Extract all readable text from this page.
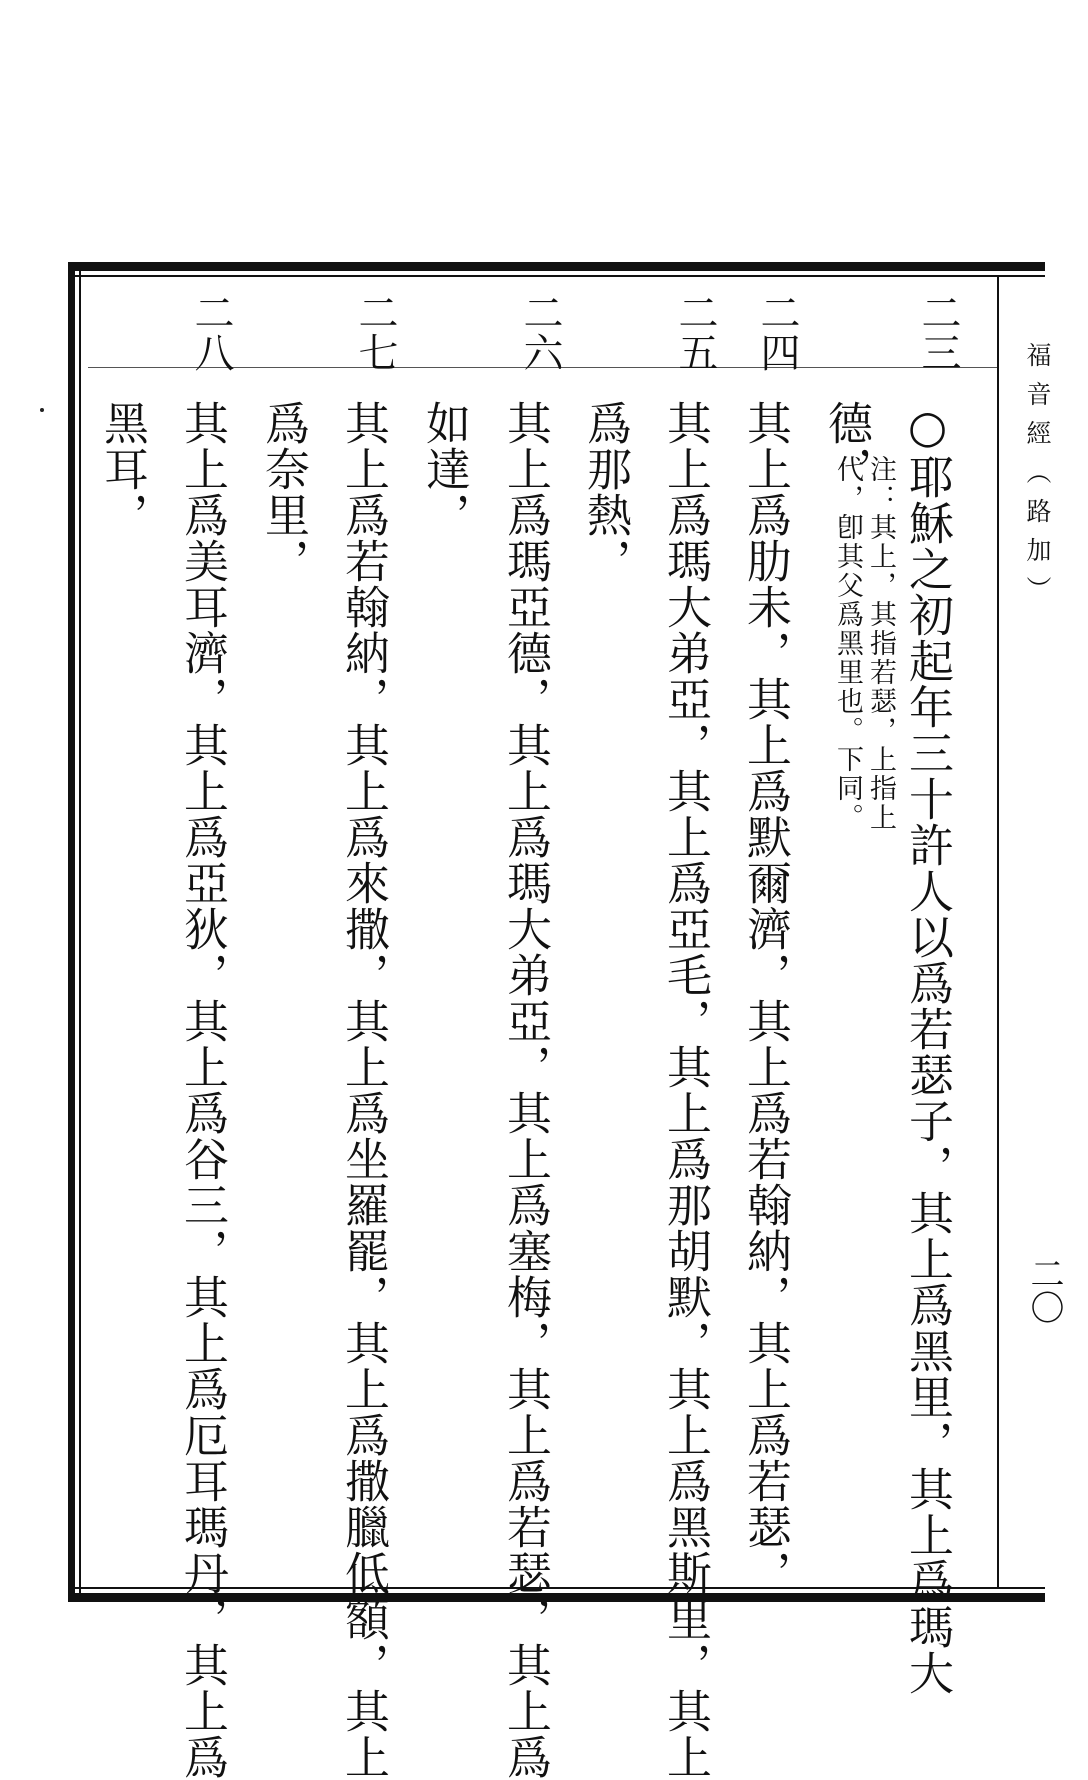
福音經（路加）
二〇
二三
二四
二五
二六
二七
二八
○耶穌之初起年三十許人以爲若瑟子，其上爲黑里，其上爲瑪大
德，
注：其上，其指若瑟，上指上
代，卽其父爲黑里也。下同。
其上爲肋未，其上爲默爾濟，其上爲若翰納，其上爲若瑟，
其上爲瑪大弟亞，其上爲亞毛，其上爲那胡默，其上爲黑斯里，其上
爲那熱，
其上爲瑪亞德，其上爲瑪大弟亞，其上爲塞梅，其上爲若瑟，其上爲
如達，
其上爲若翰納，其上爲來撒，其上爲坐羅罷，其上爲撒臘低額，其上
爲奈里，
其上爲美耳濟，其上爲亞狄，其上爲谷三，其上爲厄耳瑪丹，其上爲
黑耳，
